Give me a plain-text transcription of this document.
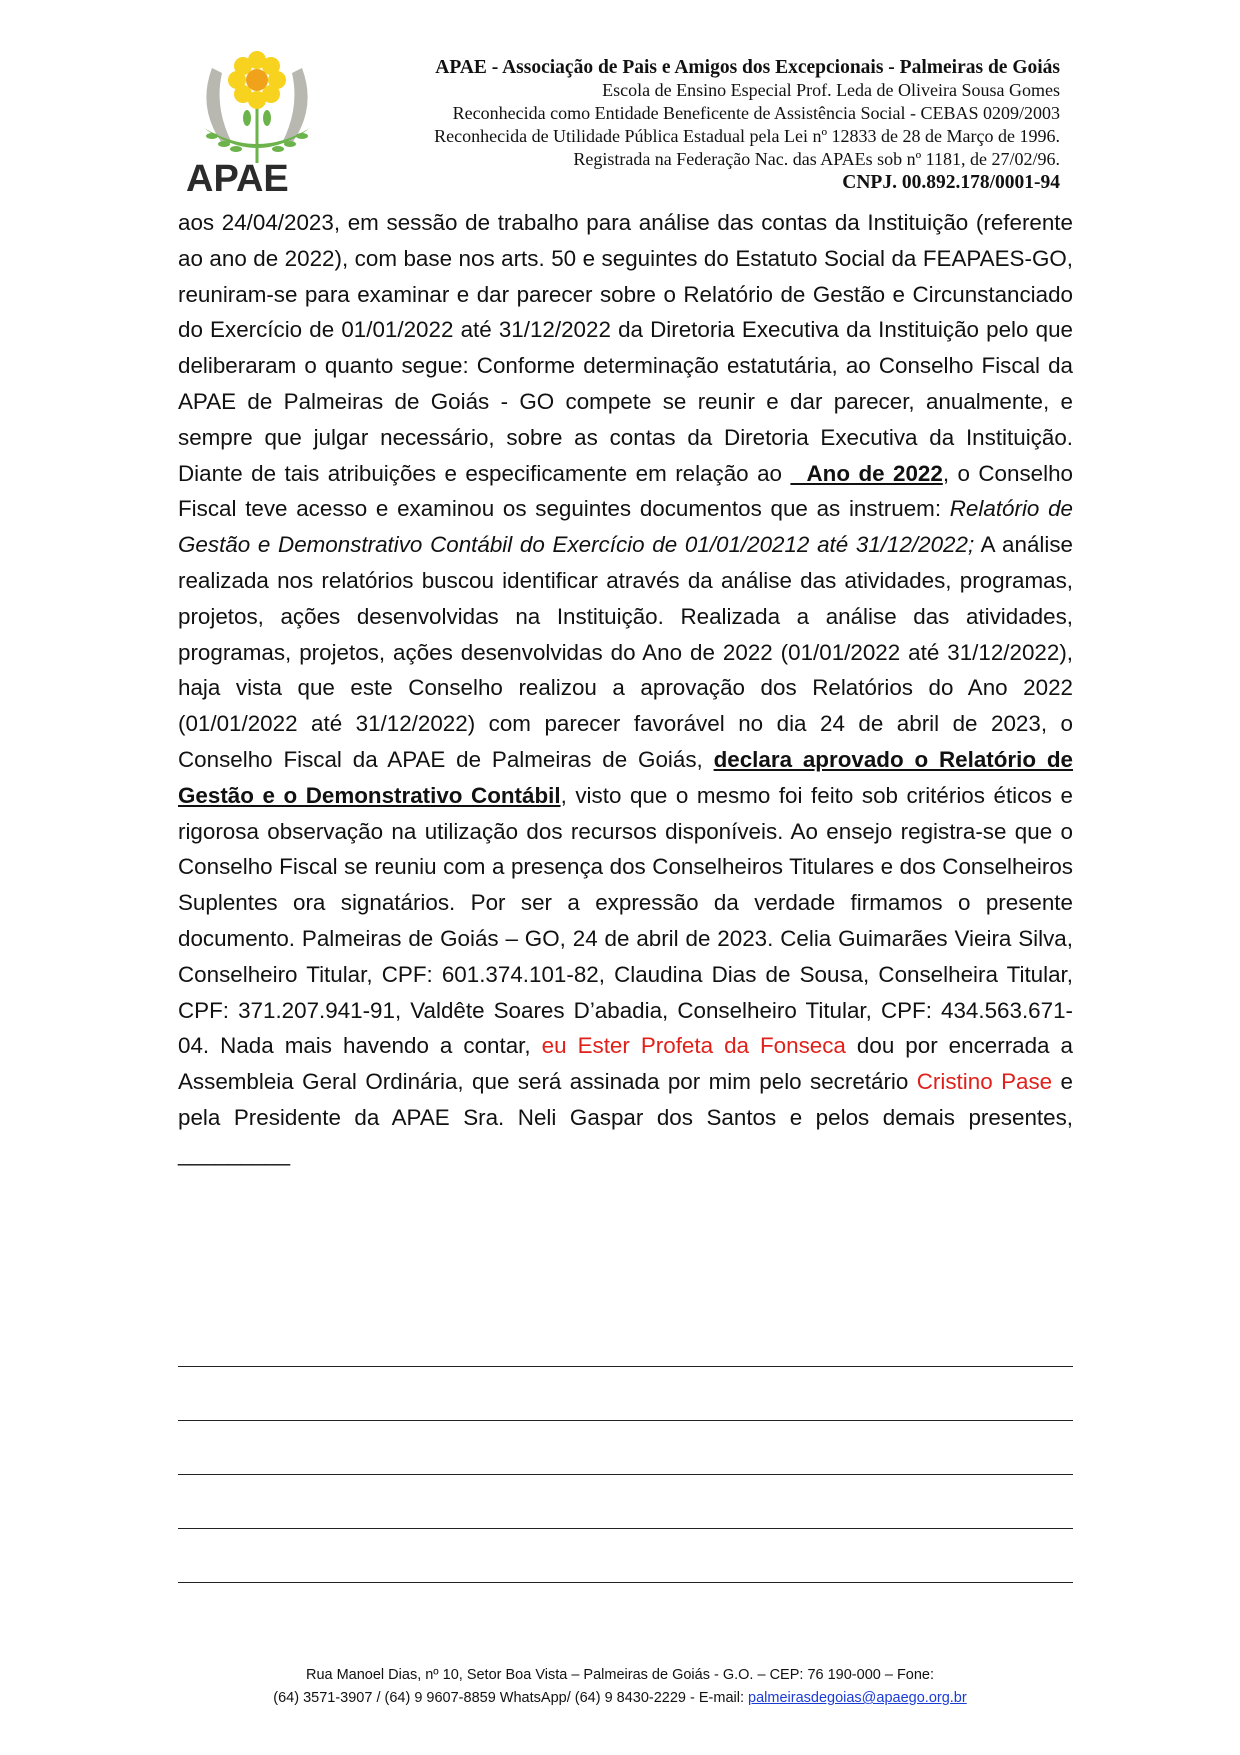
APAE
APAE - Associação de Pais e Amigos dos Excepcionais - Palmeiras de Goiás
Escola de Ensino Especial Prof. Leda de Oliveira Sousa Gomes
Reconhecida como Entidade Beneficente de Assistência Social - CEBAS 0209/2003
Reconhecida de Utilidade Pública Estadual pela Lei nº 12833 de 28 de Março de 1996.
Registrada na Federação Nac. das APAEs sob nº 1181, de 27/02/96.
CNPJ. 00.892.178/0001-94
aos 24/04/2023, em sessão de trabalho para análise das contas da Instituição (referente ao ano de 2022), com base nos arts. 50 e seguintes do Estatuto Social da FEAPAES-GO, reuniram-se para examinar e dar parecer sobre o Relatório de Gestão e Circunstanciado do Exercício de 01/01/2022 até 31/12/2022 da Diretoria Executiva da Instituição pelo que deliberaram o quanto segue: Conforme determinação estatutária, ao Conselho Fiscal da APAE de Palmeiras de Goiás - GO compete se reunir e dar parecer, anualmente, e sempre que julgar necessário, sobre as contas da Diretoria Executiva da Instituição. Diante de tais atribuições e especificamente em relação ao   Ano de 2022, o Conselho Fiscal teve acesso e examinou os seguintes documentos que as instruem: Relatório de Gestão e Demonstrativo Contábil do Exercício de 01/01/20212 até 31/12/2022; A análise realizada nos relatórios buscou identificar através da análise das atividades, programas, projetos, ações desenvolvidas na Instituição. Realizada a análise das atividades, programas, projetos, ações desenvolvidas do Ano de 2022 (01/01/2022 até 31/12/2022), haja vista que este Conselho realizou a aprovação dos Relatórios do Ano 2022 (01/01/2022 até 31/12/2022) com parecer favorável no dia 24 de abril de 2023, o Conselho Fiscal da APAE de Palmeiras de Goiás, declara aprovado o Relatório de Gestão e o Demonstrativo Contábil, visto que o mesmo foi feito sob critérios éticos e rigorosa observação na utilização dos recursos disponíveis. Ao ensejo registra-se que o Conselho Fiscal se reuniu com a presença dos Conselheiros Titulares e dos Conselheiros Suplentes ora signatários. Por ser a expressão da verdade firmamos o presente documento. Palmeiras de Goiás – GO, 24 de abril de 2023. Celia Guimarães Vieira Silva, Conselheiro Titular, CPF: 601.374.101-82, Claudina Dias de Sousa, Conselheira Titular, CPF: 371.207.941-91, Valdête Soares D’abadia, Conselheiro Titular, CPF: 434.563.671-04. Nada mais havendo a contar, eu Ester Profeta da Fonseca dou por encerrada a Assembleia Geral Ordinária, que será assinada por mim pelo secretário Cristino Pase e pela Presidente da APAE Sra. Neli Gaspar dos Santos e pelos demais presentes, _________
Rua Manoel Dias, nº 10, Setor Boa Vista – Palmeiras de Goiás - G.O. – CEP: 76 190-000 – Fone:
(64) 3571-3907 / (64) 9 9607-8859 WhatsApp/ (64) 9 8430-2229 - E-mail: palmeirasdegoias@apaego.org.br
